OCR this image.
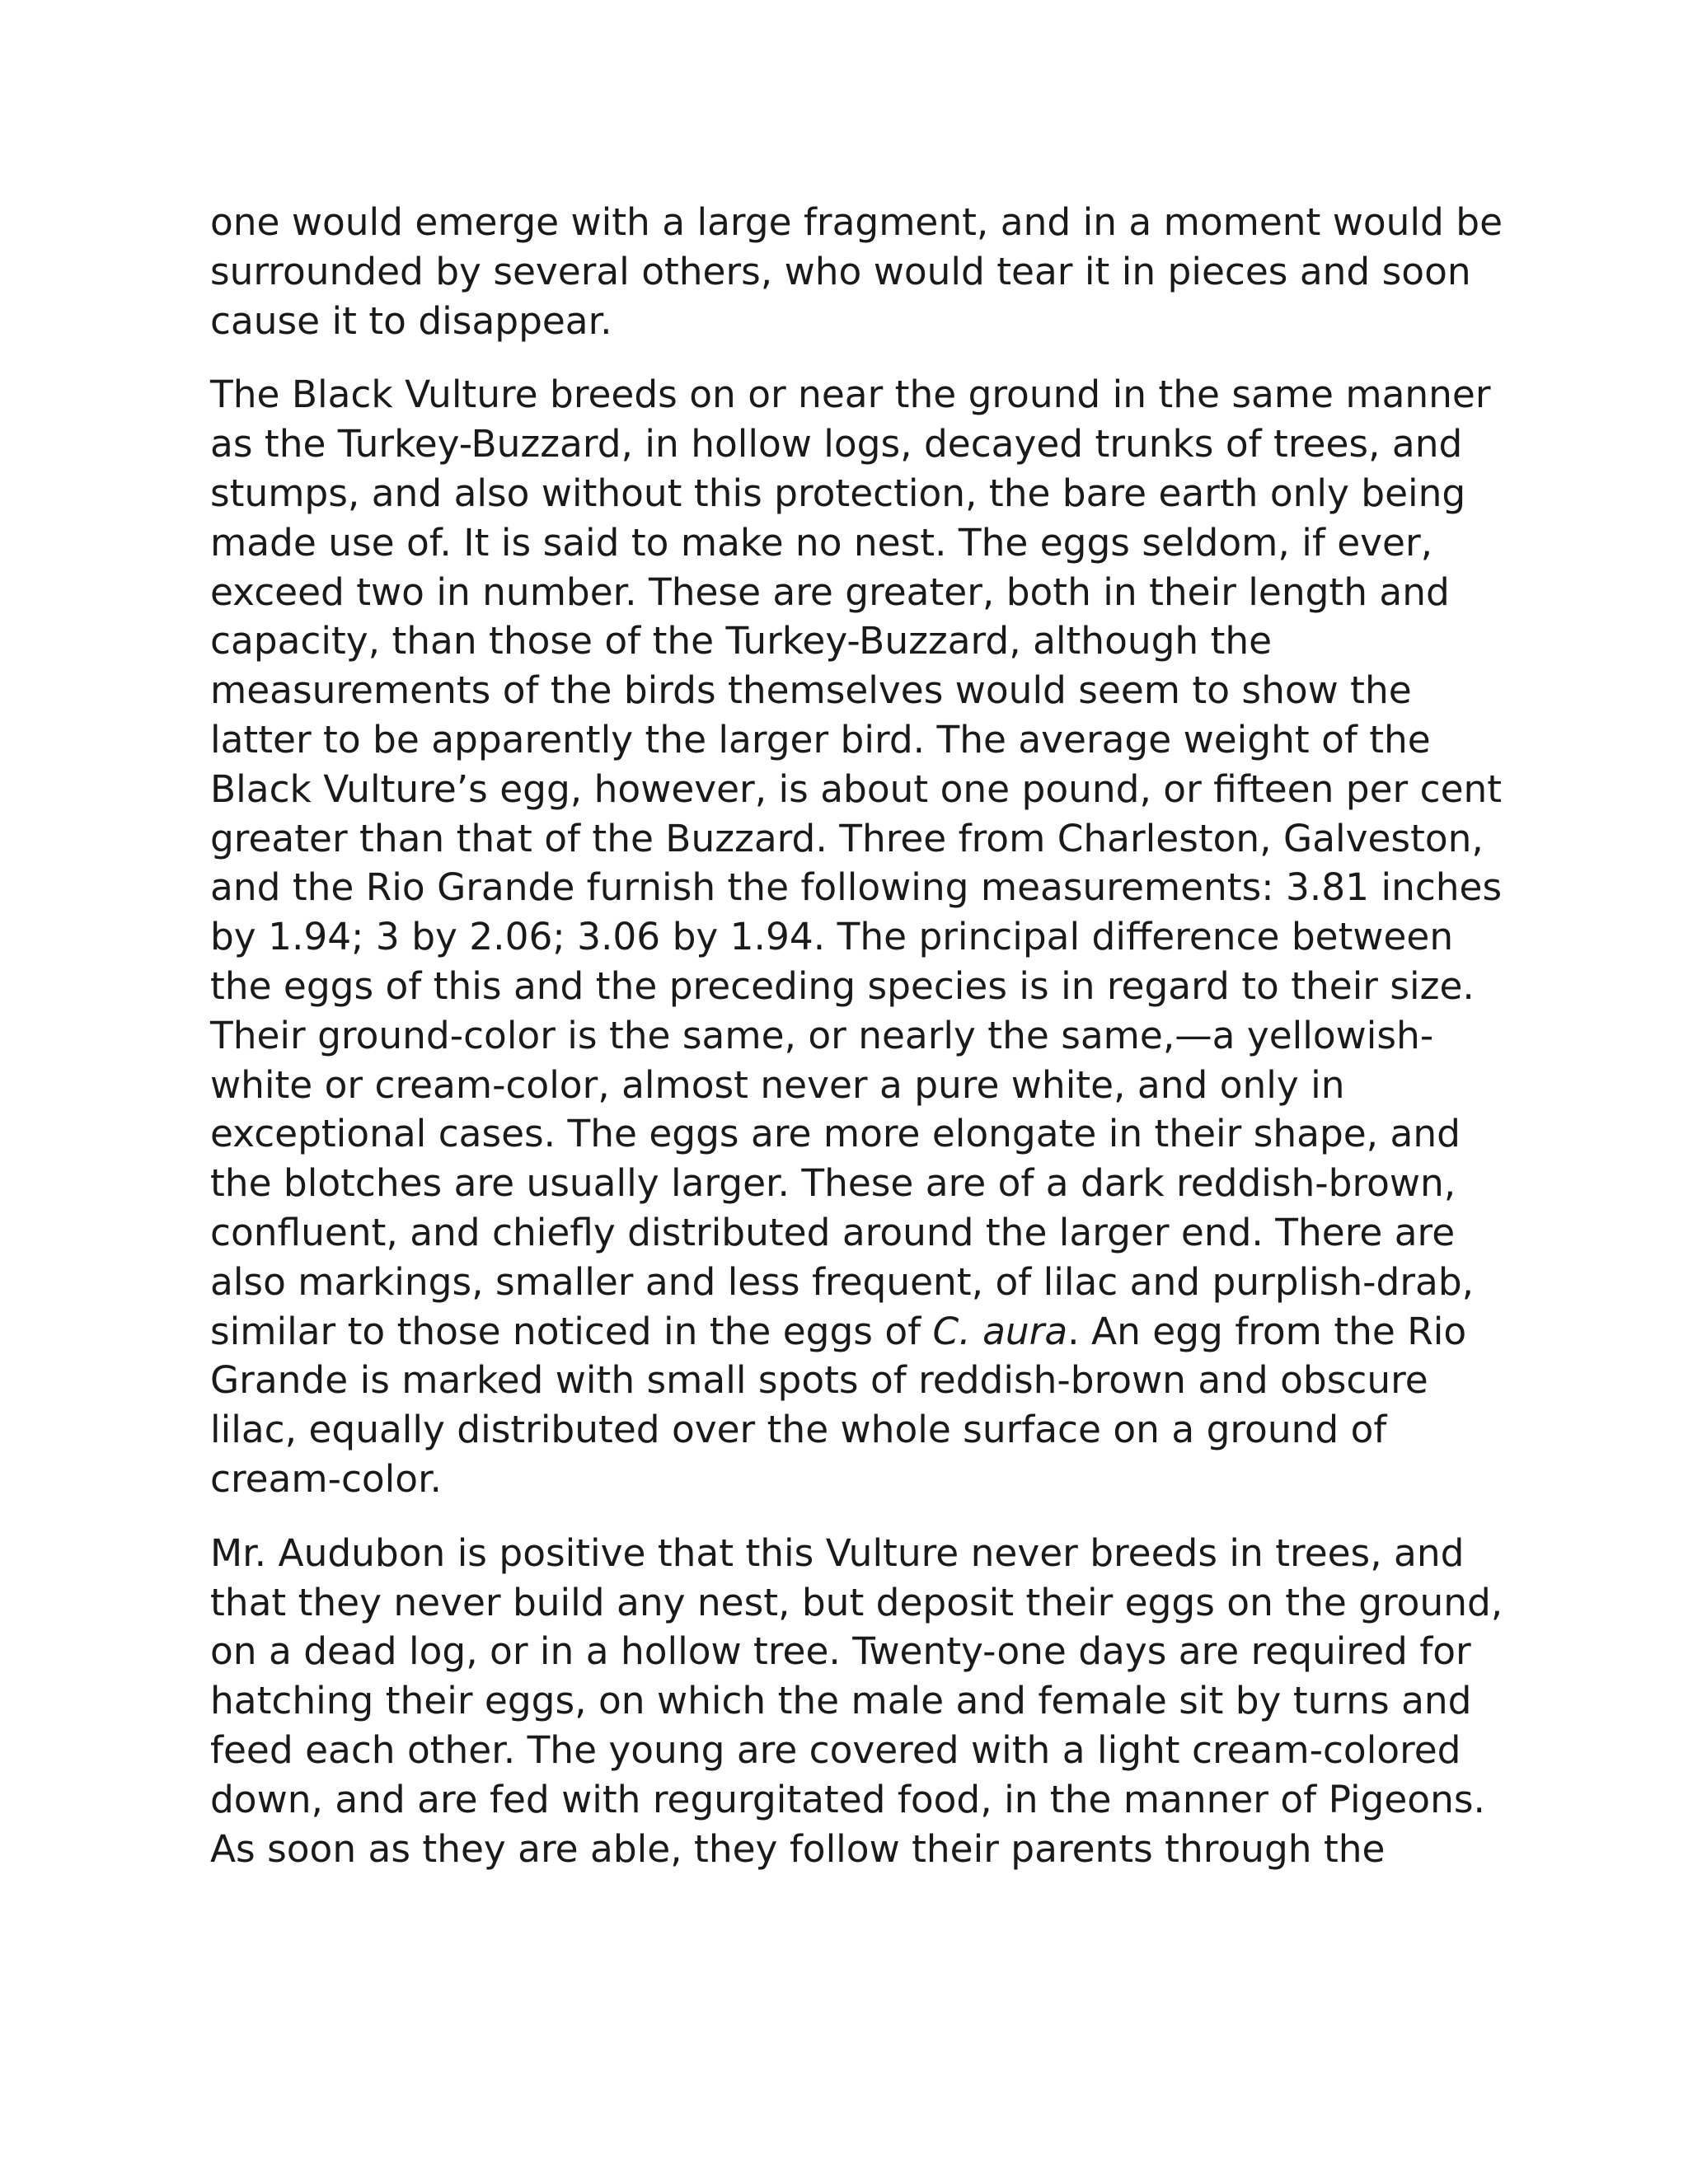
one would emerge with a large fragment, and in a moment would be
surrounded by several others, who would tear it in pieces and soon
cause it to disappear.

The Black Vulture breeds on or near the ground in the same manner
as the Turkey-Buzzard, in hollow logs, decayed trunks of trees, and
stumps, and also without this protection, the bare earth only being
made use of. It is said to make no nest. The eggs seldom, if ever,
exceed two in number. These are greater, both in their length and
capacity, than those of the Turkey-Buzzard, although the
measurements of the birds themselves would seem to show the
latter to be apparently the larger bird. The average weight of the
Black Vulture’s egg, however, is about one pound, or fifteen per cent
greater than that of the Buzzard. Three from Charleston, Galveston,
and the Rio Grande furnish the following measurements: 3.81 inches
by 1.94; 3 by 2.06; 3.06 by 1.94. The principal difference between
the eggs of this and the preceding species is in regard to their size.
Their ground-color is the same, or nearly the same,—a yellowish-
white or cream-color, almost never a pure white, and only in
exceptional cases. The eggs are more elongate in their shape, and
the blotches are usually larger. These are of a dark reddish-brown,
confluent, and chiefly distributed around the larger end. There are
also markings, smaller and less frequent, of lilac and purplish-drab,
similar to those noticed in the eggs of C. aura. An egg from the Rio
Grande is marked with small spots of reddish-brown and obscure
lilac, equally distributed over the whole surface on a ground of
cream-color.

Mr. Audubon is positive that this Vulture never breeds in trees, and
that they never build any nest, but deposit their eggs on the ground,
on a dead log, or in a hollow tree. Twenty-one days are required for
hatching their eggs, on which the male and female sit by turns and
feed each other. The young are covered with a light cream-colored
down, and are fed with regurgitated food, in the manner of Pigeons.
As soon as they are able, they follow their parents through the
